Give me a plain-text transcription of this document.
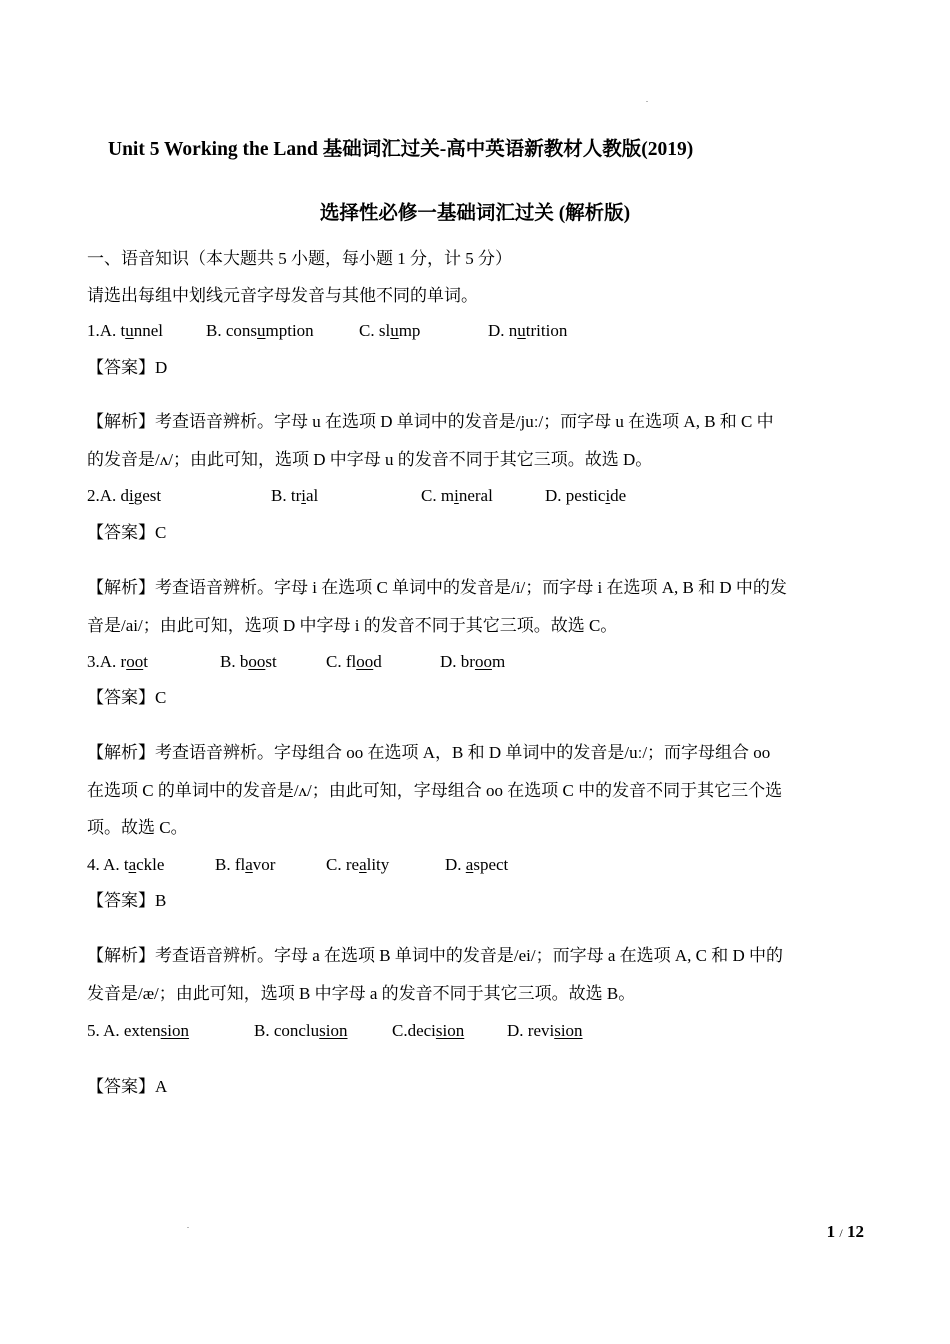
Unit 5 Working the Land 基础词汇过关-高中英语新教材人教版(2019)
选择性必修一基础词汇过关 (解析版)
一、语音知识（本大题共 5 小题，每小题 1 分，计 5 分）
请选出每组中划线元音字母发音与其他不同的单词。
1.A. tunnel	B. consumption	C. slump	D. nutrition
【答案】D
【解析】考查语音辨析。字母 u 在选项 D 单词中的发音是/juː/；而字母 u 在选项 A, B 和 C 中
的发音是/ʌ/；由此可知，选项 D 中字母 u 的发音不同于其它三项。故选 D。
2.A. digest	B. trial	C. mineral	D. pesticide
【答案】C
【解析】考查语音辨析。字母 i 在选项 C 单词中的发音是/i/；而字母 i 在选项 A, B 和 D 中的发
音是/ai/；由此可知，选项 D 中字母 i 的发音不同于其它三项。故选 C。
3.A. root	B. boost	C. flood	D. broom
【答案】C
【解析】考查语音辨析。字母组合 oo 在选项 A，B 和 D 单词中的发音是/uː/；而字母组合 oo
在选项 C 的单词中的发音是/ʌ/；由此可知，字母组合 oo 在选项 C 中的发音不同于其它三个选
项。故选 C。
4. A. tackle	B. flavor	C. reality	D. aspect
【答案】B
【解析】考查语音辨析。字母 a 在选项 B 单词中的发音是/ei/；而字母 a 在选项 A, C 和 D 中的
发音是/æ/；由此可知，选项 B 中字母 a 的发音不同于其它三项。故选 B。
5. A. extension	B. conclusion	C.decision	D. revision
【答案】A
1 / 12
